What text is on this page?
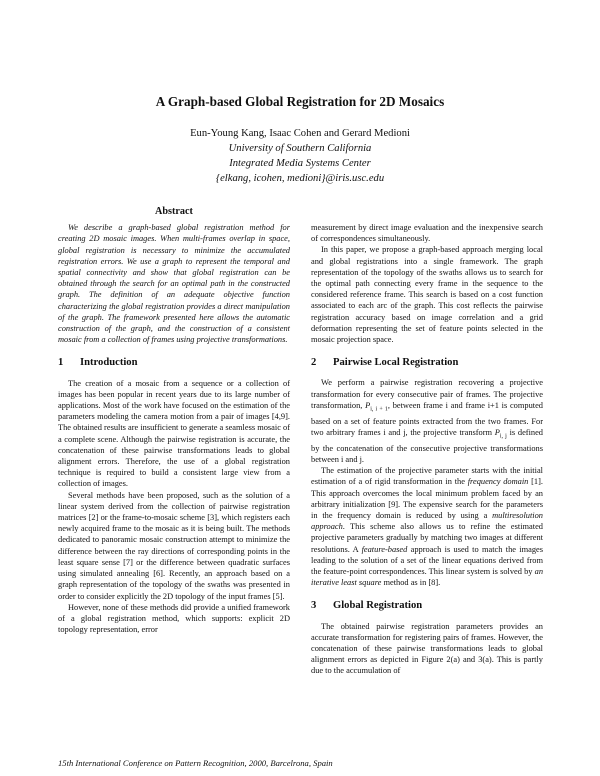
A Graph-based Global Registration for 2D Mosaics
Eun-Young Kang, Isaac Cohen and Gerard Medioni
University of Southern California
Integrated Media Systems Center
{elkang, icohen, medioni}@iris.usc.edu
Abstract

We describe a graph-based global registration method for creating 2D mosaic images. When multi-frames overlap in space, global registration is necessary to minimize the accumulated registration errors. We use a graph to represent the temporal and spatial connectivity and show that global registration can be obtained through the search for an optimal path in the constructed graph. The definition of an adequate objective function characterizing the global registration provides a direct manipulation of the graph. The framework presented here allows the automatic construction of the graph, and the construction of a consistent mosaic from a collection of frames using projective transformations.

1 Introduction

The creation of a mosaic from a sequence or a collection of images has been popular in recent years due to its large number of applications. Most of the work have focused on the estimation of the parameters modeling the camera motion from a pair of images [4,9]. The obtained results are insufficient to generate a seamless mosaic of a complete scene. Although the pairwise registration is accurate, the concatenation of these pairwise transformations leads to global alignment errors. Therefore, the use of a global registration technique is required to build a consistent large view from a collection of images.

Several methods have been proposed, such as the solution of a linear system derived from the collection of pairwise registration matrices [2] or the frame-to-mosaic scheme [3], which registers each newly acquired frame to the mosaic as it is being built. The methods dedicated to panoramic mosaic construction attempt to minimize the difference between the ray directions of corresponding points in the least square sense [7] or the difference between quadratic surfaces using simulated annealing [6]. Recently, an approach based on a graph representation of the topology of the swaths was presented in order to consider explicitly the 2D topology of the input frames [5].

However, none of these methods did provide a unified framework of a global registration method, which supports: explicit 2D topology representation, error

measurement by direct image evaluation and the inexpensive search of correspondences simultaneously.

In this paper, we propose a graph-based approach merging local and global registrations into a single framework. The graph representation of the topology of the swaths allows us to search for the optimal path connecting every frame in the sequence to the considered reference frame. This search is based on a cost function associated to each arc of the graph. This cost reflects the pairwise registration accuracy based on image correlation and a grid deformation representing the set of feature points selected in the mosaic projection space.

2 Pairwise Local Registration

We perform a pairwise registration recovering a projective transformation for every consecutive pair of frames. The projective transformation, $P_{i, i + 1}$, between frame i and frame i+1 is computed based on a set of feature points extracted from the two frames. For two arbitrary frames i and j, the projective transform $P_{i, j}$ is defined by the concatenation of the consecutive projective transformations between i and j.

The estimation of the projective parameter starts with the initial estimation of a of rigid transformation in the frequency domain [1]. This approach overcomes the local minimum problem faced by an arbitrary initialization [9]. The expensive search for the parameters in the frequency domain is reduced by using a multiresolution approach. This scheme also allows us to refine the estimated projective parameters gradually by matching two images at different resolutions. A feature-based approach is used to match the images leading to the solution of a set of the linear equations derived from the feature-point correspondences. This linear system is solved by an iterative least square method as in [8].

3 Global Registration

The obtained pairwise registration parameters provides an accurate transformation for registering pairs of frames. However, the concatenation of these pairwise transformations leads to global alignment errors as depicted in Figure 2(a) and 3(a). This is partly due to the accumulation of

15th International Conference on Pattern Recognition, 2000, Barcelrona, Spain
